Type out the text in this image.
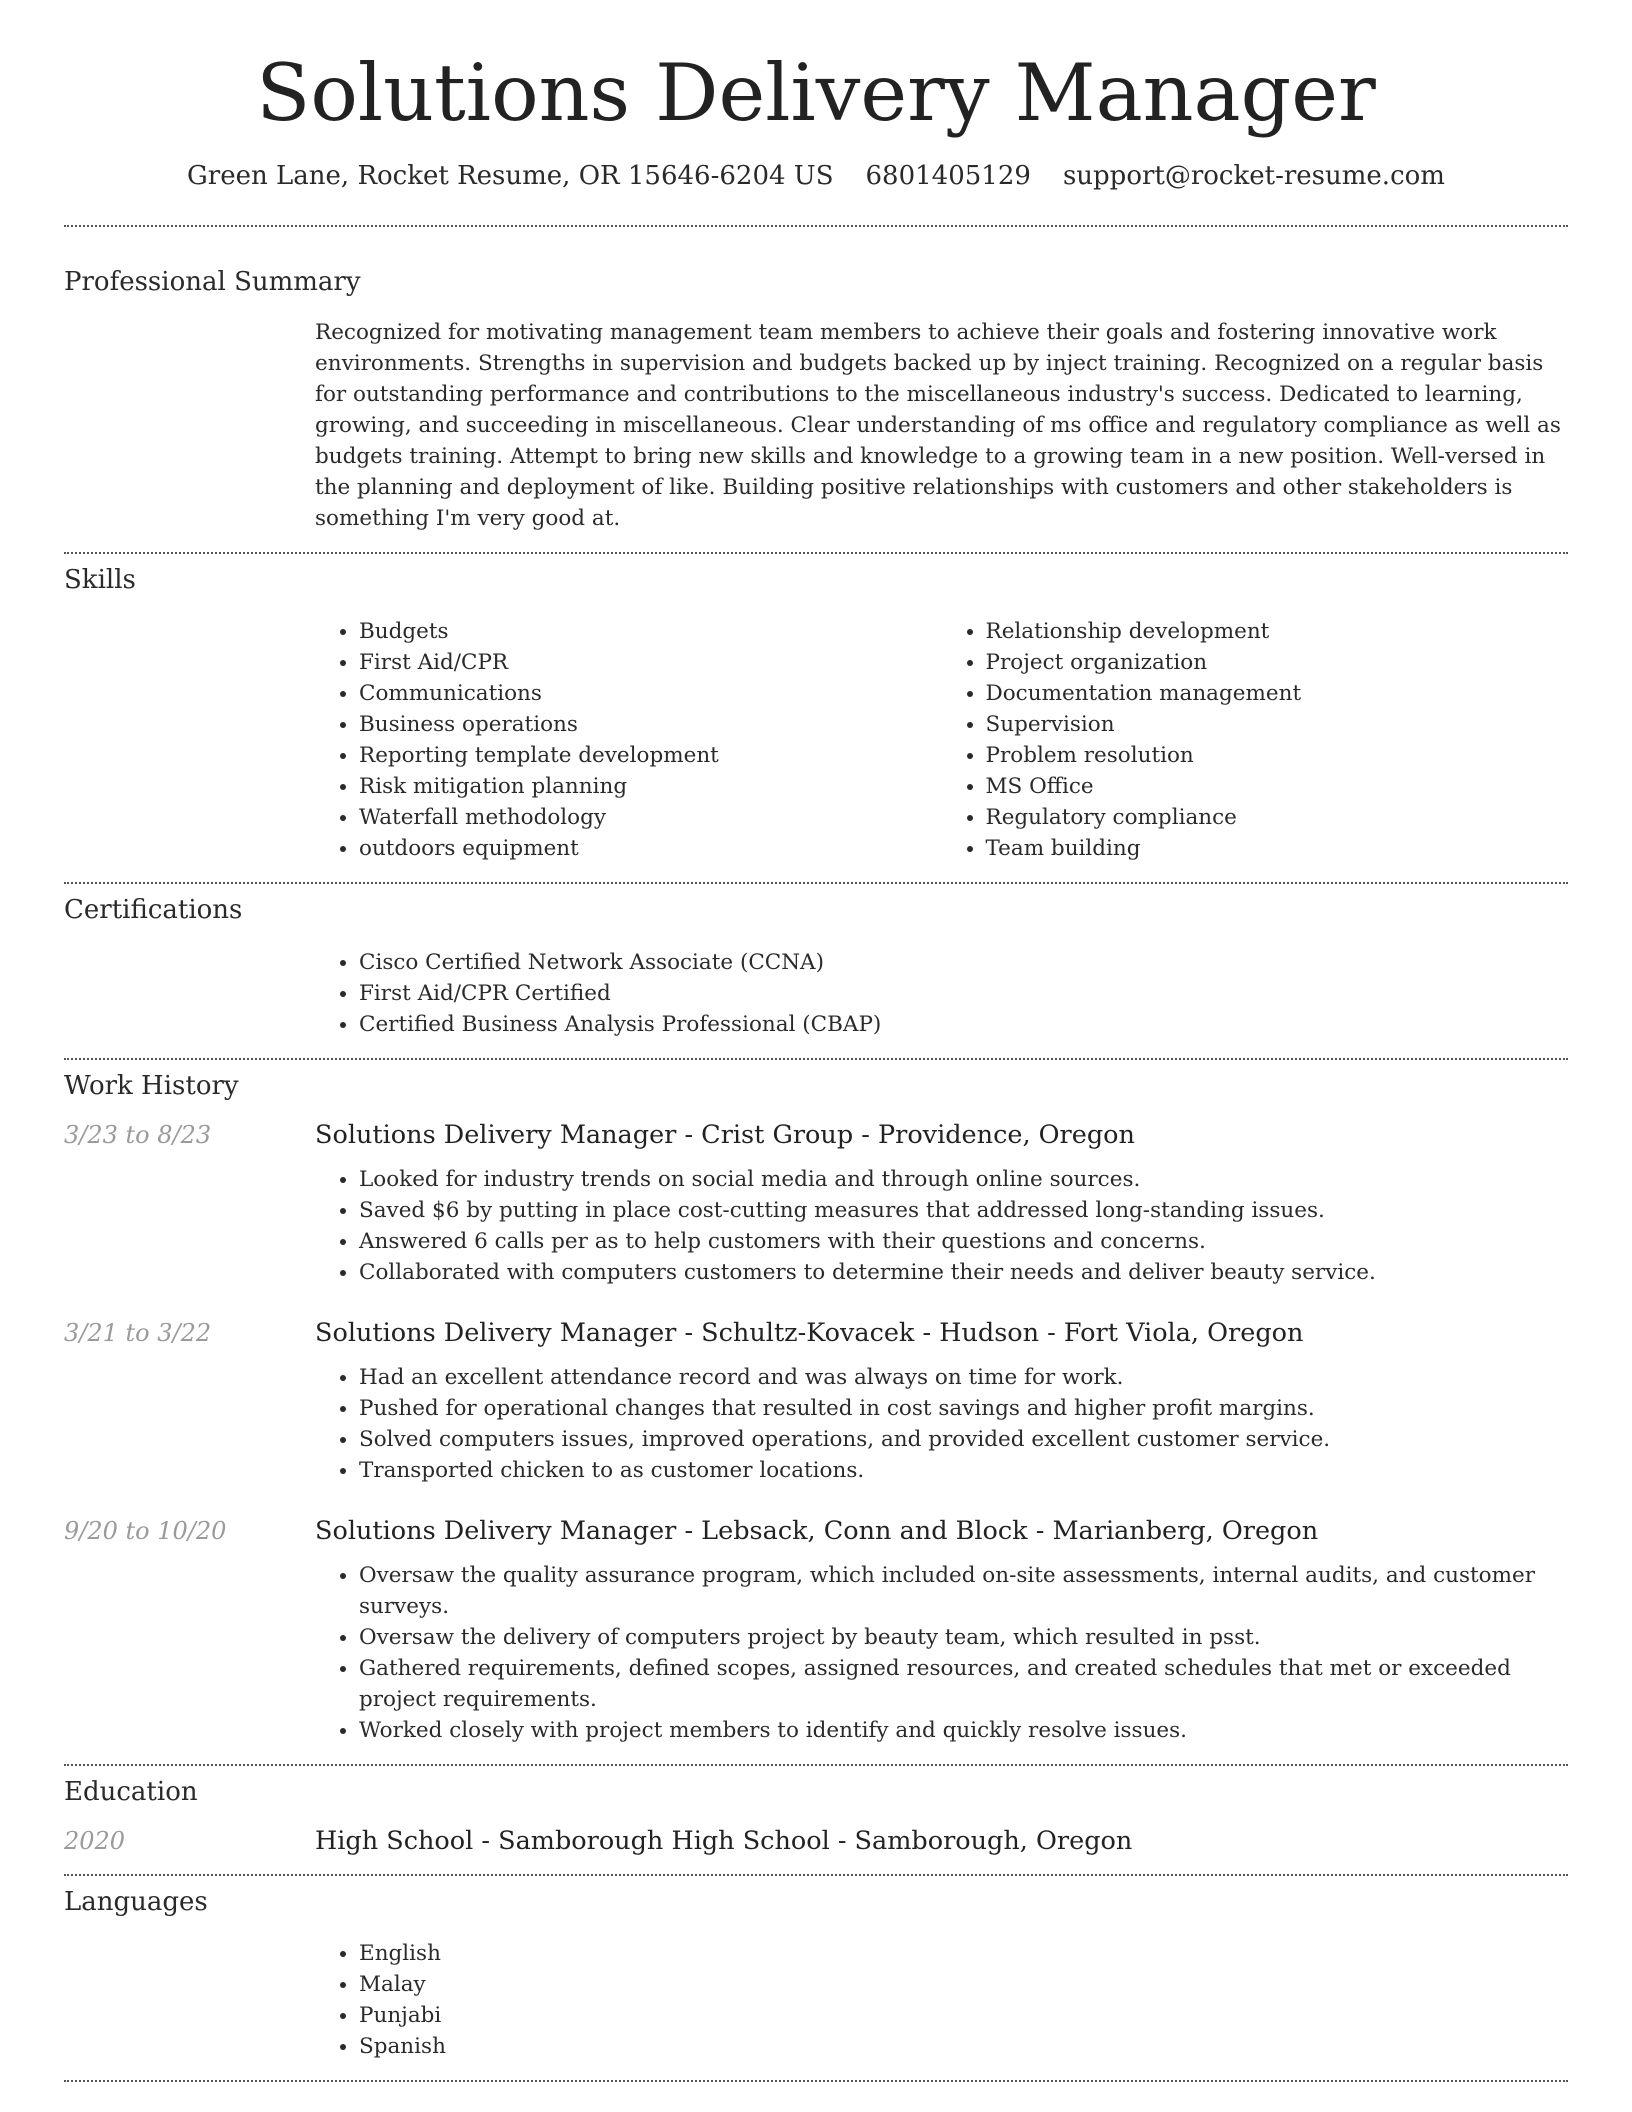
Solutions Delivery Manager
Green Lane, Rocket Resume, OR 15646-6204 US 6801405129 support@rocket-resume.com
Professional Summary

Recognized for motivating management team members to achieve their goals and fostering innovative work environments. Strengths in supervision and budgets backed up by inject training. Recognized on a regular basis for outstanding performance and contributions to the miscellaneous industry's success. Dedicated to learning, growing, and succeeding in miscellaneous. Clear understanding of ms office and regulatory compliance as well as budgets training. Attempt to bring new skills and knowledge to a growing team in a new position. Well-versed in the planning and deployment of like. Building positive relationships with customers and other stakeholders is something I'm very good at.

Skills
• Budgets
• First Aid/CPR
• Communications
• Business operations
• Reporting template development
• Risk mitigation planning
• Waterfall methodology
• outdoors equipment
• Relationship development
• Project organization
• Documentation management
• Supervision
• Problem resolution
• MS Office
• Regulatory compliance
• Team building
Certifications
• Cisco Certified Network Associate (CCNA)
• First Aid/CPR Certified
• Certified Business Analysis Professional (CBAP)
Work History
3/23 to 8/23	Solutions Delivery Manager - Crist Group - Providence, Oregon
• Looked for industry trends on social media and through online sources.
• Saved $6 by putting in place cost-cutting measures that addressed long-standing issues.
• Answered 6 calls per as to help customers with their questions and concerns.
• Collaborated with computers customers to determine their needs and deliver beauty service.
3/21 to 3/22	Solutions Delivery Manager - Schultz-Kovacek - Hudson - Fort Viola, Oregon
• Had an excellent attendance record and was always on time for work.
• Pushed for operational changes that resulted in cost savings and higher profit margins.
• Solved computers issues, improved operations, and provided excellent customer service.
• Transported chicken to as customer locations.
9/20 to 10/20	Solutions Delivery Manager - Lebsack, Conn and Block - Marianberg, Oregon
• Oversaw the quality assurance program, which included on-site assessments, internal audits, and customer surveys.
• Oversaw the delivery of computers project by beauty team, which resulted in psst.
• Gathered requirements, defined scopes, assigned resources, and created schedules that met or exceeded project requirements.
• Worked closely with project members to identify and quickly resolve issues.
Education
2020	High School - Samborough High School - Samborough, Oregon
Languages
• English
• Malay
• Punjabi
• Spanish
